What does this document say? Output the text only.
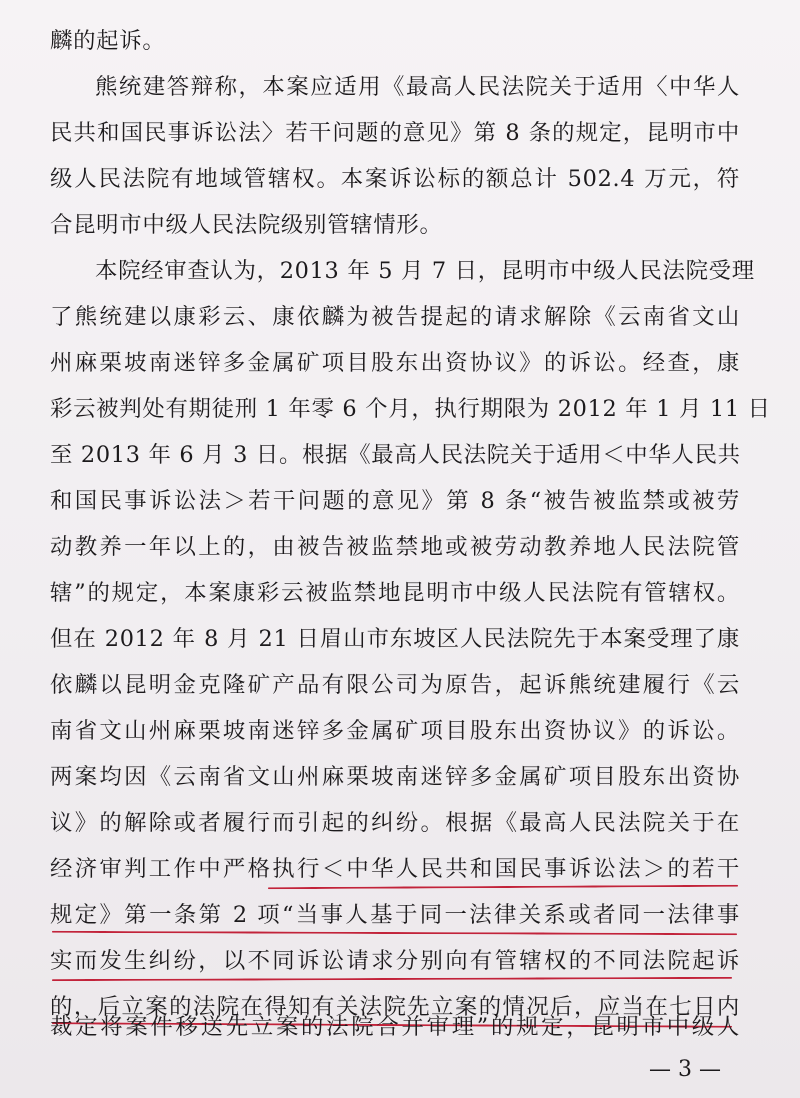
麟的起诉。
熊统建答辩称，本案应适用《最高人民法院关于适用〈中华人
民共和国民事诉讼法〉若干问题的意见》第 8 条的规定，昆明市中
级人民法院有地域管辖权。本案诉讼标的额总计 502.4 万元，符
合昆明市中级人民法院级别管辖情形。
本院经审查认为，2013 年 5 月 7 日，昆明市中级人民法院受理
了熊统建以康彩云、康依麟为被告提起的请求解除《云南省文山
州麻栗坡南迷锌多金属矿项目股东出资协议》的诉讼。经查，康
彩云被判处有期徒刑 1 年零 6 个月，执行期限为 2012 年 1 月 11 日
至 2013 年 6 月 3 日。根据《最高人民法院关于适用＜中华人民共
和国民事诉讼法＞若干问题的意见》第 8 条“被告被监禁或被劳
动教养一年以上的，由被告被监禁地或被劳动教养地人民法院管
辖”的规定，本案康彩云被监禁地昆明市中级人民法院有管辖权。
但在 2012 年 8 月 21 日眉山市东坡区人民法院先于本案受理了康
依麟以昆明金克隆矿产品有限公司为原告，起诉熊统建履行《云
南省文山州麻栗坡南迷锌多金属矿项目股东出资协议》的诉讼。
两案均因《云南省文山州麻栗坡南迷锌多金属矿项目股东出资协
议》的解除或者履行而引起的纠纷。根据《最高人民法院关于在
经济审判工作中严格执行＜中华人民共和国民事诉讼法＞的若干
规定》第一条第 2 项“当事人基于同一法律关系或者同一法律事
实而发生纠纷，以不同诉讼请求分别向有管辖权的不同法院起诉
的，后立案的法院在得知有关法院先立案的情况后，应当在七日内
裁定将案件移送先立案的法院合并审理”的规定，昆明市中级人
— 3 —
